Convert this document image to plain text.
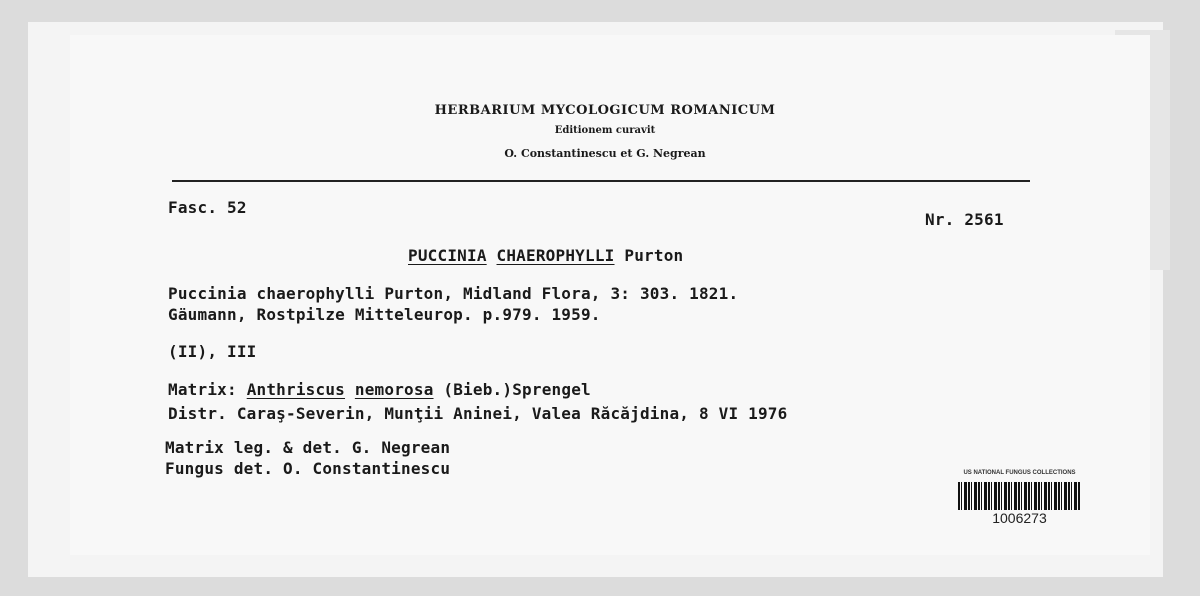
HERBARIUM MYCOLOGICUM ROMANICUM
Editionem curavit
O. Constantinescu et G. Negrean
Fasc. 52
Nr. 2561
PUCCINIA CHAEROPHYLLI Purton
Puccinia chaerophylli Purton, Midland Flora, 3: 303. 1821.
Gäumann, Rostpilze Mitteleurop. p.979. 1959.
(II), III
Matrix: Anthriscus nemorosa (Bieb.)Sprengel
Distr. Caraş-Severin, Munţii Aninei, Valea Răcăjdina, 8 VI 1976
Matrix leg. & det. G. Negrean
Fungus det. O. Constantinescu	US NATIONAL FUNGUS COLLECTIONS
1006273
